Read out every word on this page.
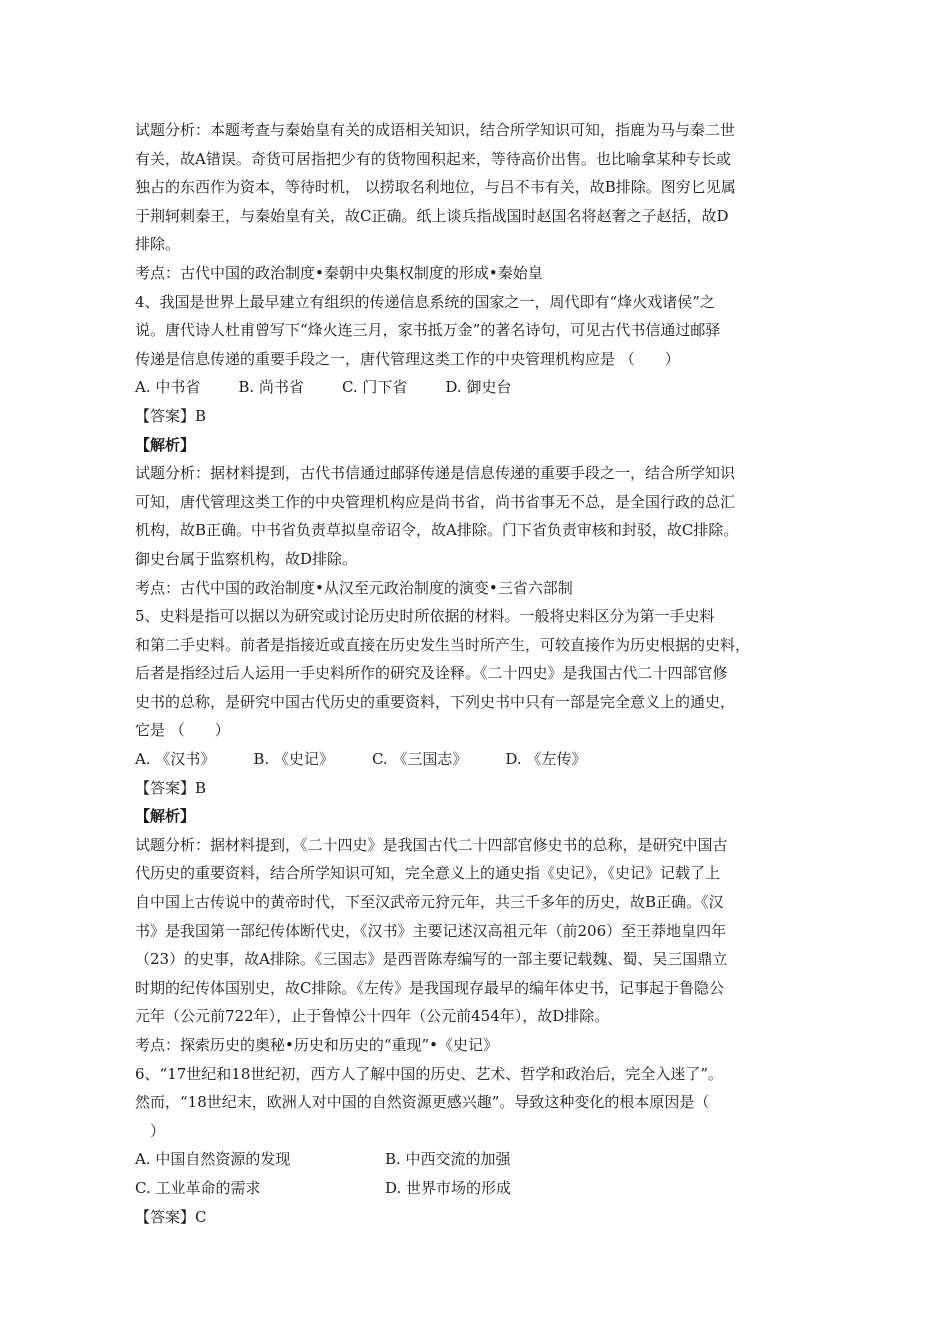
试题分析：本题考查与秦始皇有关的成语相关知识，结合所学知识可知，指鹿为马与秦二世
有关，故A错误。奇货可居指把少有的货物囤积起来，等待高价出售。也比喻拿某种专长或
独占的东西作为资本，等待时机， 以捞取名利地位，与吕不韦有关，故B排除。图穷匕见属
于荆轲刺秦王，与秦始皇有关，故C正确。纸上谈兵指战国时赵国名将赵奢之子赵括，故D
排除。
考点：古代中国的政治制度•秦朝中央集权制度的形成•秦始皇
4、我国是世界上最早建立有组织的传递信息系统的国家之一，周代即有“烽火戏诸侯”之
说。唐代诗人杜甫曾写下“烽火连三月，家书抵万金”的著名诗句，可见古代书信通过邮驿
传递是信息传递的重要手段之一，唐代管理这类工作的中央管理机构应是 （　　）
A. 中书省	B. 尚书省	C. 门下省	D. 御史台
【答案】B
【解析】
试题分析：据材料提到，古代书信通过邮驿传递是信息传递的重要手段之一，结合所学知识
可知，唐代管理这类工作的中央管理机构应是尚书省，尚书省事无不总，是全国行政的总汇
机构，故B正确。中书省负责草拟皇帝诏令，故A排除。门下省负责审核和封驳，故C排除。
御史台属于监察机构，故D排除。
考点：古代中国的政治制度•从汉至元政治制度的演变•三省六部制
5、史料是指可以据以为研究或讨论历史时所依据的材料。一般将史料区分为第一手史料
和第二手史料。前者是指接近或直接在历史发生当时所产生，可较直接作为历史根据的史料，
后者是指经过后人运用一手史料所作的研究及诠释。《二十四史》是我国古代二十四部官修
史书的总称，是研究中国古代历史的重要资料，下列史书中只有一部是完全意义上的通史，
它是 （　　）
A. 《汉书》	B. 《史记》	C. 《三国志》	D. 《左传》
【答案】B
【解析】
试题分析：据材料提到，《二十四史》是我国古代二十四部官修史书的总称，是研究中国古
代历史的重要资料，结合所学知识可知，完全意义上的通史指《史记》，《史记》记载了上
自中国上古传说中的黄帝时代，下至汉武帝元狩元年，共三千多年的历史，故B正确。《汉
书》是我国第一部纪传体断代史，《汉书》主要记述汉高祖元年（前206）至王莽地皇四年
（23）的史事，故A排除。《三国志》是西晋陈寿编写的一部主要记载魏、蜀、吴三国鼎立
时期的纪传体国别史，故C排除。《左传》是我国现存最早的编年体史书，记事起于鲁隐公
元年（公元前722年），止于鲁悼公十四年（公元前454年），故D排除。
考点：探索历史的奥秘•历史和历史的“重现”•《史记》
6、“17世纪和18世纪初，西方人了解中国的历史、艺术、哲学和政治后，完全入迷了”。
然而，“18世纪末，欧洲人对中国的自然资源更感兴趣”。导致这种变化的根本原因是（
　）
A. 中国自然资源的发现	B. 中西交流的加强
C. 工业革命的需求	D. 世界市场的形成
【答案】C
